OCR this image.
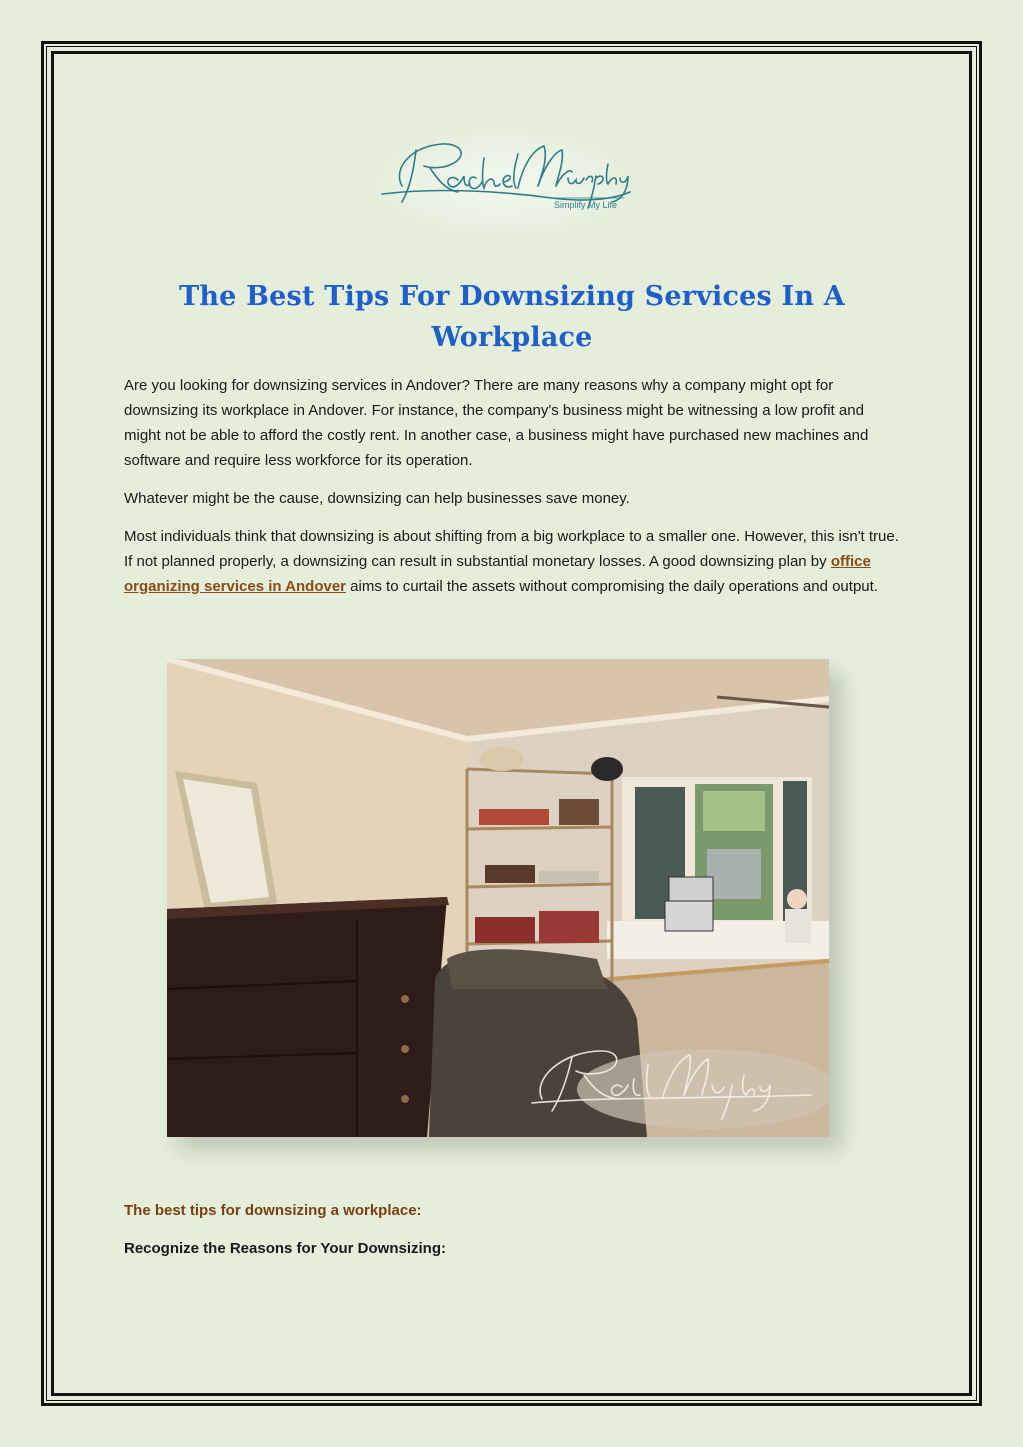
Simplify My Life
The Best Tips For Downsizing Services In A Workplace

Are you looking for downsizing services in Andover? There are many reasons why a company might opt for downsizing its workplace in Andover. For instance, the company's business might be witnessing a low profit and might not be able to afford the costly rent. In another case, a business might have purchased new machines and software and require less workforce for its operation.

Whatever might be the cause, downsizing can help businesses save money.

Most individuals think that downsizing is about shifting from a big workplace to a smaller one. However, this isn't true. If not planned properly, a downsizing can result in substantial monetary losses. A good downsizing plan by office organizing services in Andover aims to curtail the assets without compromising the daily operations and output.

The best tips for downsizing a workplace:

Recognize the Reasons for Your Downsizing:
